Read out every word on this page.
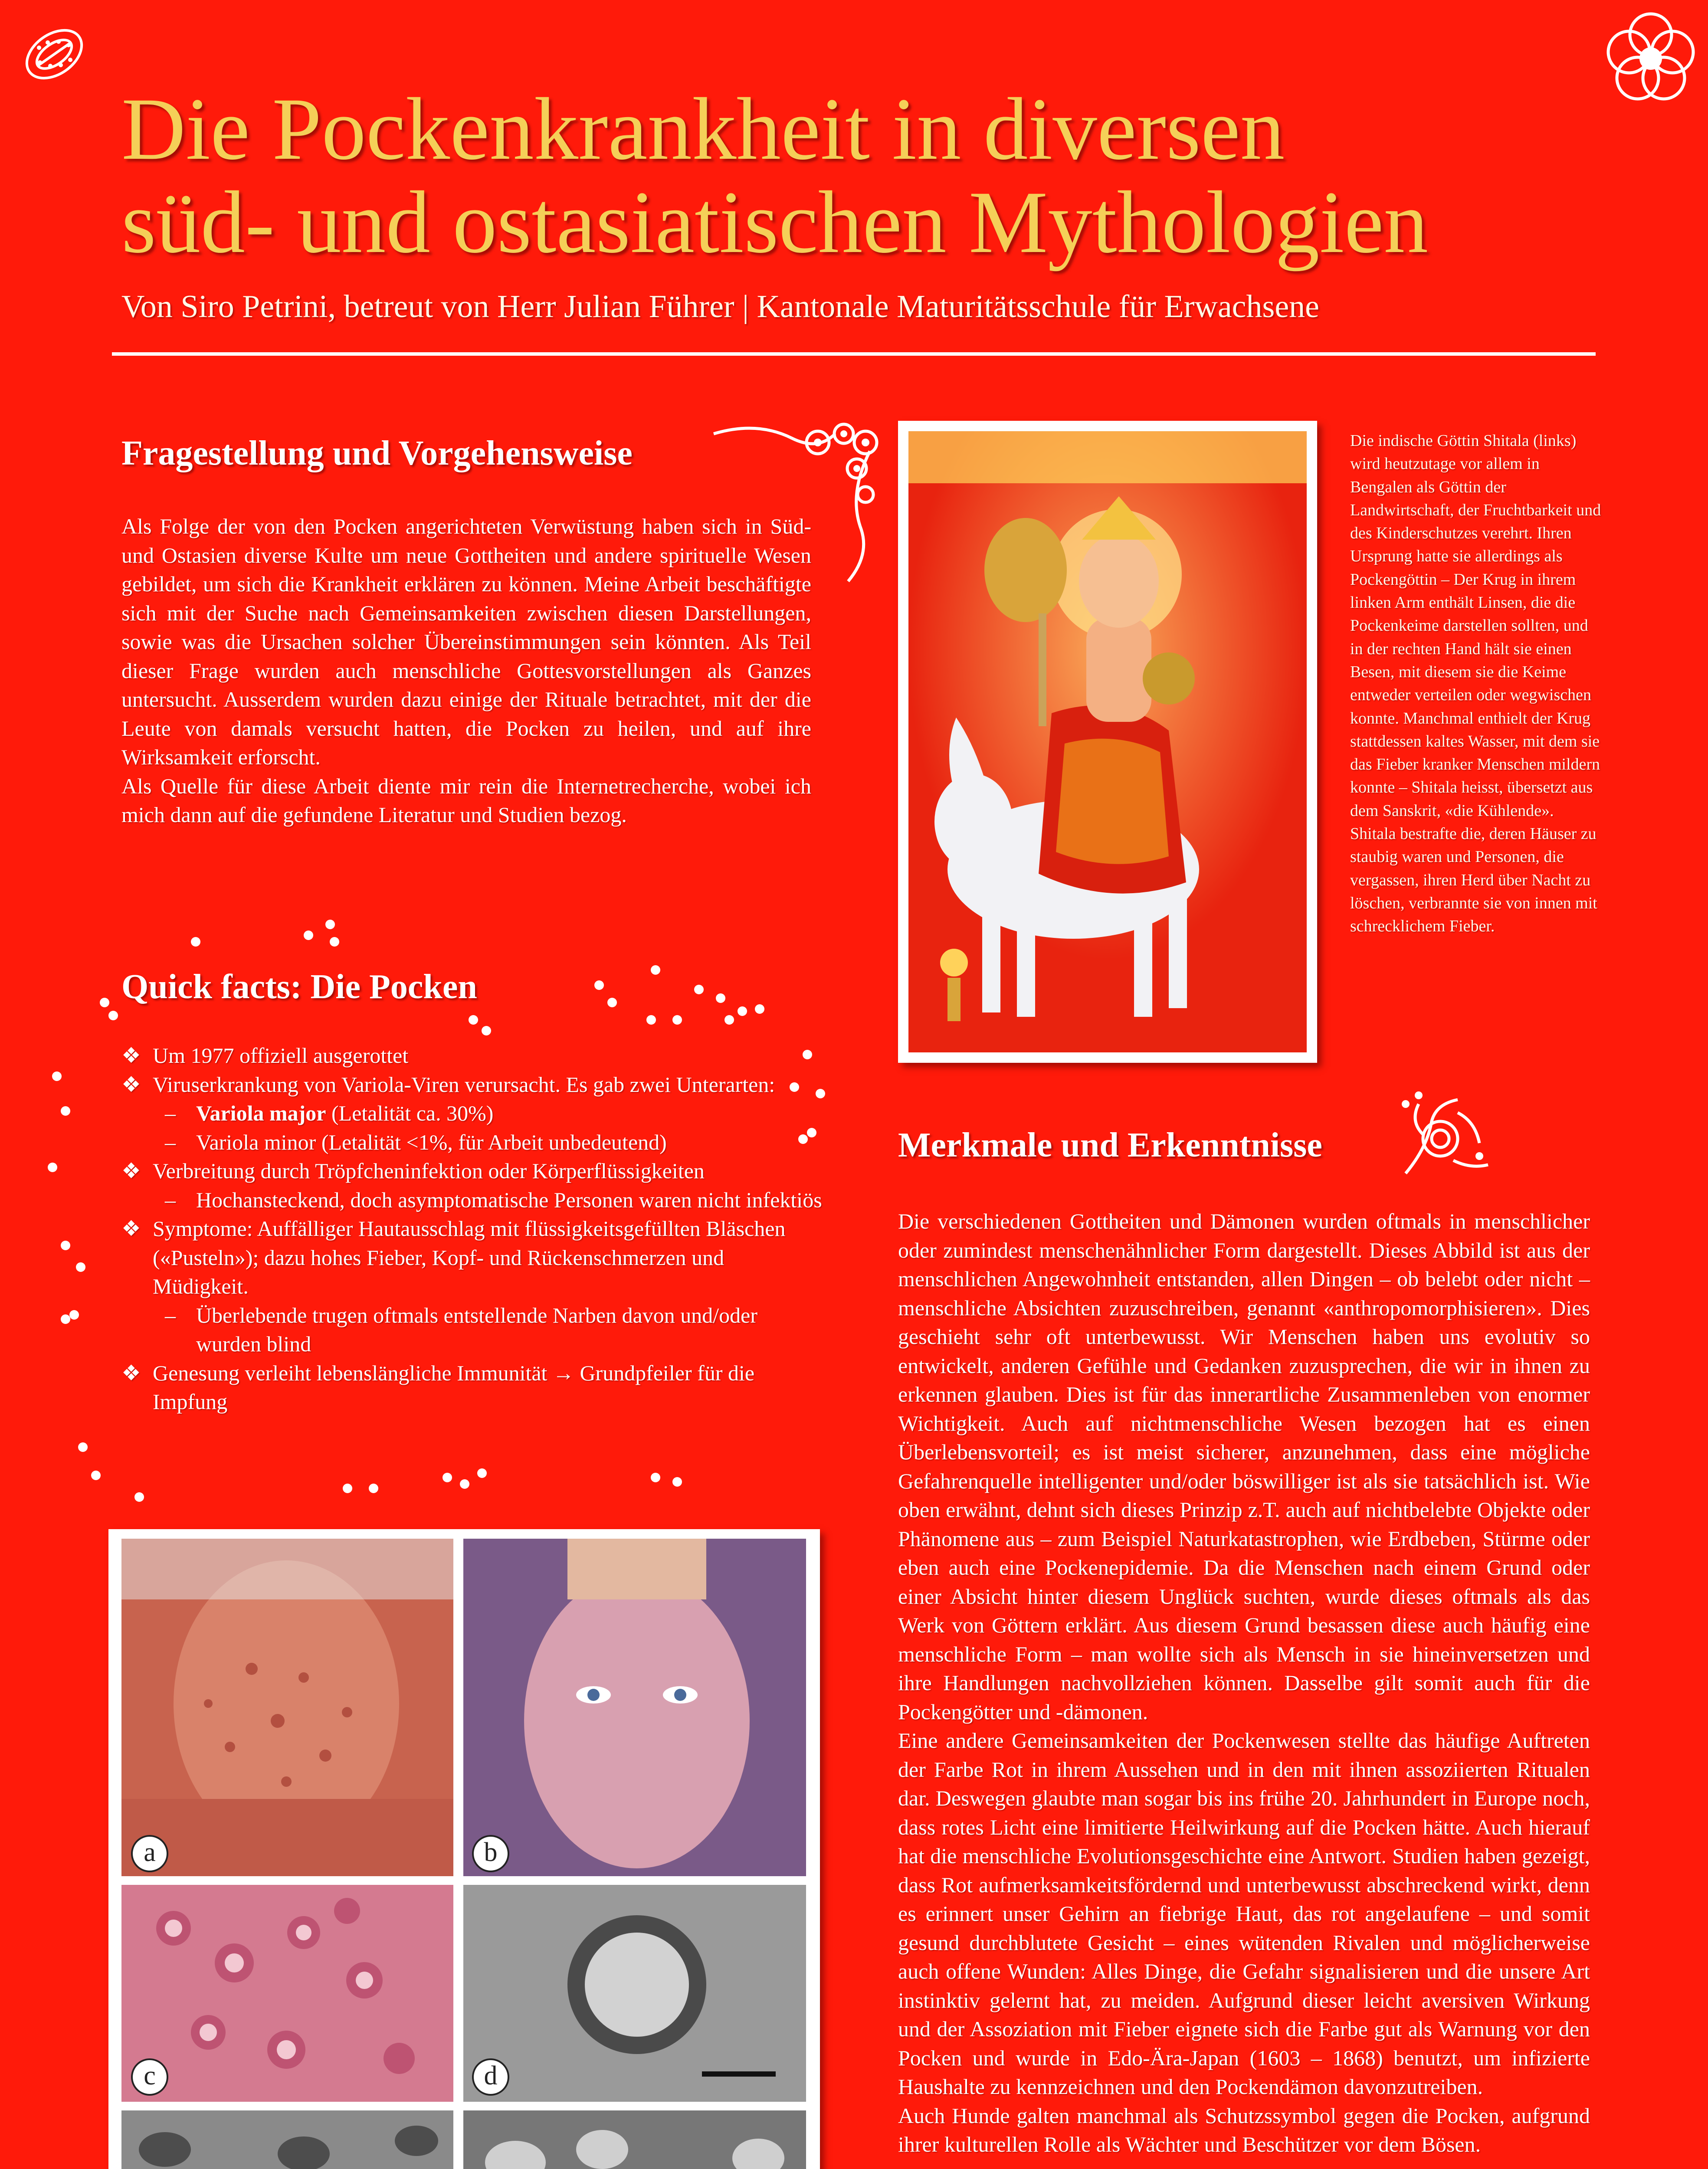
Die Pockenkrankheit in diversen
süd- und ostasiatischen Mythologien
Von Siro Petrini, betreut von Herr Julian Führer | Kantonale Maturitätsschule für Erwachsene
Fragestellung und Vorgehensweise

Als Folge der von den Pocken angerichteten Verwüstung haben sich in Süd- und Ostasien diverse Kulte um neue Gottheiten und andere spirituelle Wesen gebildet, um sich die Krankheit erklären zu können. Meine Arbeit beschäftigte sich mit der Suche nach Gemeinsamkeiten zwischen diesen Darstellungen, sowie was die Ursachen solcher Übereinstimmungen sein könnten. Als Teil dieser Frage wurden auch menschliche Gottesvorstellungen als Ganzes untersucht. Ausserdem wurden dazu einige der Rituale betrachtet, mit der die Leute von damals versucht hatten, die Pocken zu heilen, und auf ihre Wirksamkeit erforscht.

Als Quelle für diese Arbeit diente mir rein die Internetrecherche, wobei ich mich dann auf die gefundene Literatur und Studien bezog.

Quick facts: Die Pocken
❖ Um 1977 offiziell ausgerottet
❖ Viruserkrankung von Variola-Viren verursacht. Es gab zwei Unterarten:
– Variola major (Letalität ca. 30%)
– Variola minor (Letalität <1%, für Arbeit unbedeutend)
❖ Verbreitung durch Tröpfcheninfektion oder Körperflüssigkeiten
– Hochansteckend, doch asymptomatische Personen waren nicht infektiös
❖ Symptome: Auffälliger Hautausschlag mit flüssigkeitsgefüllten Bläschen («Pusteln»); dazu hohes Fieber, Kopf- und Rückenschmerzen und Müdigkeit.
– Überlebende trugen oftmals entstellende Narben davon und/oder wurden blind
❖ Genesung verleiht lebenslängliche Immunität → Grundpfeiler für die Impfung
Die indische Göttin Shitala (links) wird heutzutage vor allem in Bengalen als Göttin der Landwirtschaft, der Fruchtbarkeit und des Kinderschutzes verehrt. Ihren Ursprung hatte sie allerdings als Pockengöttin – Der Krug in ihrem linken Arm enthält Linsen, die die Pockenkeime darstellen sollten, und in der rechten Hand hält sie einen Besen, mit diesem sie die Keime entweder verteilen oder wegwischen konnte. Manchmal enthielt der Krug stattdessen kaltes Wasser, mit dem sie das Fieber kranker Menschen mildern konnte – Shitala heisst, übersetzt aus dem Sanskrit, «die Kühlende». Shitala bestrafte die, deren Häuser zu staubig waren und Personen, die vergassen, ihren Herd über Nacht zu löschen, verbrannte sie von innen mit schrecklichem Fieber.
Merkmale und Erkenntnisse

Die verschiedenen Gottheiten und Dämonen wurden oftmals in menschlicher oder zumindest menschenähnlicher Form dargestellt. Dieses Abbild ist aus der menschlichen Angewohnheit entstanden, allen Dingen – ob belebt oder nicht – menschliche Absichten zuzuschreiben, genannt «anthropomorphisieren». Dies geschieht sehr oft unterbewusst. Wir Menschen haben uns evolutiv so entwickelt, anderen Gefühle und Gedanken zuzusprechen, die wir in ihnen zu erkennen glauben. Dies ist für das innerartliche Zusammenleben von enormer Wichtigkeit. Auch auf nichtmenschliche Wesen bezogen hat es einen Überlebensvorteil; es ist meist sicherer, anzunehmen, dass eine mögliche Gefahrenquelle intelligenter und/oder böswilliger ist als sie tatsächlich ist. Wie oben erwähnt, dehnt sich dieses Prinzip z.T. auch auf nichtbelebte Objekte oder Phänomene aus – zum Beispiel Naturkatastrophen, wie Erdbeben, Stürme oder eben auch eine Pockenepidemie. Da die Menschen nach einem Grund oder einer Absicht hinter diesem Unglück suchten, wurde dieses oftmals als das Werk von Göttern erklärt. Aus diesem Grund besassen diese auch häufig eine menschliche Form – man wollte sich als Mensch in sie hineinversetzen und ihre Handlungen nachvollziehen können. Dasselbe gilt somit auch für die Pockengötter und -dämonen.

Eine andere Gemeinsamkeiten der Pockenwesen stellte das häufige Auftreten der Farbe Rot in ihrem Aussehen und in den mit ihnen assoziierten Ritualen dar. Deswegen glaubte man sogar bis ins frühe 20. Jahrhundert in Europe noch, dass rotes Licht eine limitierte Heilwirkung auf die Pocken hätte. Auch hierauf hat die menschliche Evolutionsgeschichte eine Antwort. Studien haben gezeigt, dass Rot aufmerksamkeitsfördernd und unterbewusst abschreckend wirkt, denn es erinnert unser Gehirn an fiebrige Haut, das rot angelaufene – und somit gesund durchblutete Gesicht – eines wütenden Rivalen und möglicherweise auch offene Wunden: Alles Dinge, die Gefahr signalisieren und die unsere Art instinktiv gelernt hat, zu meiden. Aufgrund dieser leicht aversiven Wirkung und der Assoziation mit Fieber eignete sich die Farbe gut als Warnung vor den Pocken und wurde in Edo-Ära-Japan (1603 – 1868) benutzt, um infizierte Haushalte zu kennzeichnen und den Pockendämon davonzutreiben.

Auch Hunde galten manchmal als Schutzssymbol gegen die Pocken, aufgrund ihrer kulturellen Rolle als Wächter und Beschützer vor dem Bösen.

a	b
c	d
